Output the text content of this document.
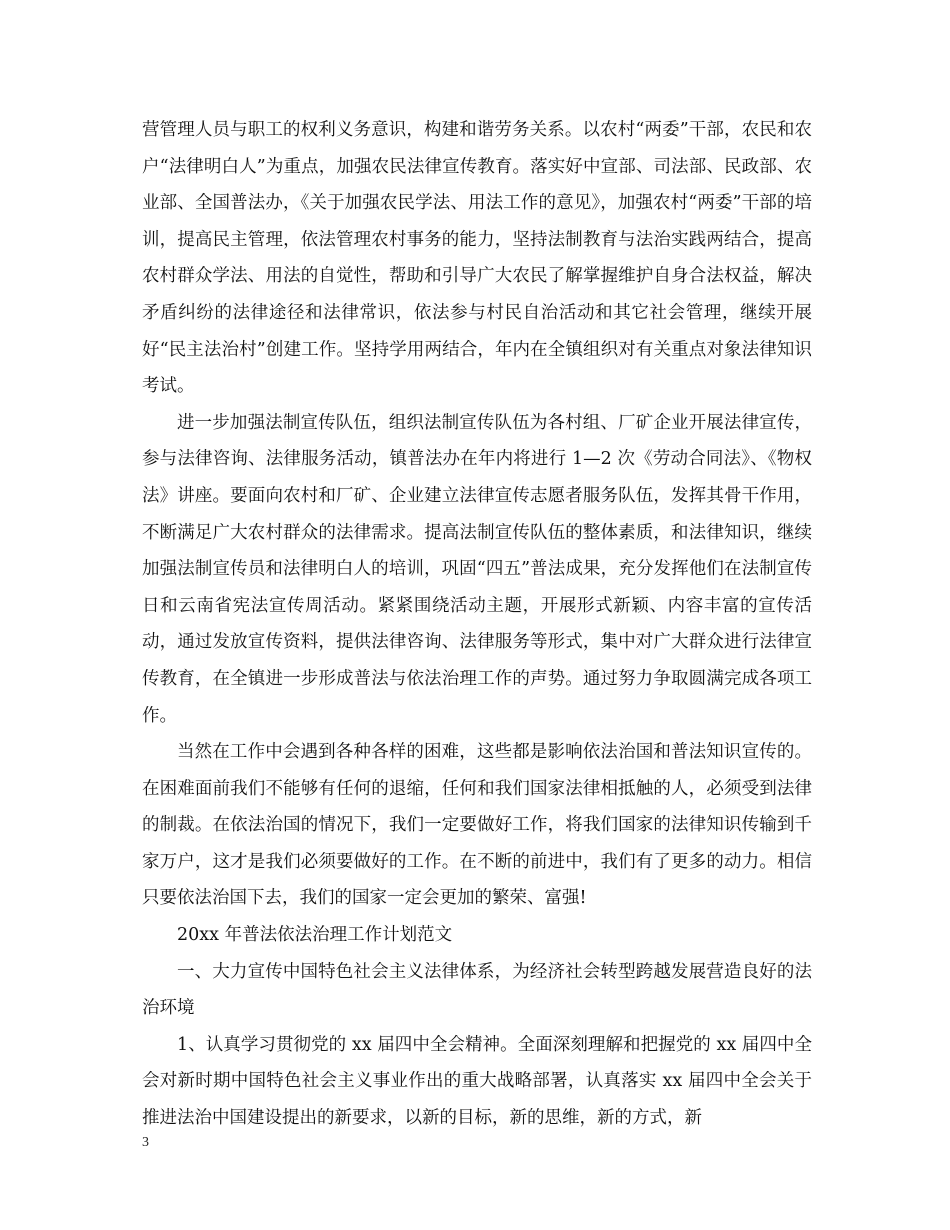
营管理人员与职工的权利义务意识，构建和谐劳务关系。以农村“两委”干部，农民和农户“法律明白人”为重点，加强农民法律宣传教育。落实好中宣部、司法部、民政部、农业部、全国普法办，《关于加强农民学法、用法工作的意见》，加强农村“两委”干部的培训，提高民主管理，依法管理农村事务的能力，坚持法制教育与法治实践两结合，提高农村群众学法、用法的自觉性，帮助和引导广大农民了解掌握维护自身合法权益，解决矛盾纠纷的法律途径和法律常识，依法参与村民自治活动和其它社会管理，继续开展好“民主法治村”创建工作。坚持学用两结合，年内在全镇组织对有关重点对象法律知识考试。

进一步加强法制宣传队伍，组织法制宣传队伍为各村组、厂矿企业开展法律宣传，参与法律咨询、法律服务活动，镇普法办在年内将进行 1—2 次《劳动合同法》、《物权法》讲座。要面向农村和厂矿、企业建立法律宣传志愿者服务队伍，发挥其骨干作用，不断满足广大农村群众的法律需求。提高法制宣传队伍的整体素质，和法律知识，继续加强法制宣传员和法律明白人的培训，巩固“四五”普法成果，充分发挥他们在法制宣传日和云南省宪法宣传周活动。紧紧围绕活动主题，开展形式新颖、内容丰富的宣传活动，通过发放宣传资料，提供法律咨询、法律服务等形式，集中对广大群众进行法律宣传教育，在全镇进一步形成普法与依法治理工作的声势。通过努力争取圆满完成各项工作。

当然在工作中会遇到各种各样的困难，这些都是影响依法治国和普法知识宣传的。在困难面前我们不能够有任何的退缩，任何和我们国家法律相抵触的人，必须受到法律的制裁。在依法治国的情况下，我们一定要做好工作，将我们国家的法律知识传输到千家万户，这才是我们必须要做好的工作。在不断的前进中，我们有了更多的动力。相信只要依法治国下去，我们的国家一定会更加的繁荣、富强!

20xx 年普法依法治理工作计划范文

一、大力宣传中国特色社会主义法律体系，为经济社会转型跨越发展营造良好的法治环境

1、认真学习贯彻党的 xx 届四中全会精神。全面深刻理解和把握党的 xx 届四中全会对新时期中国特色社会主义事业作出的重大战略部署，认真落实 xx 届四中全会关于推进法治中国建设提出的新要求，以新的目标，新的思维，新的方式，新

3
